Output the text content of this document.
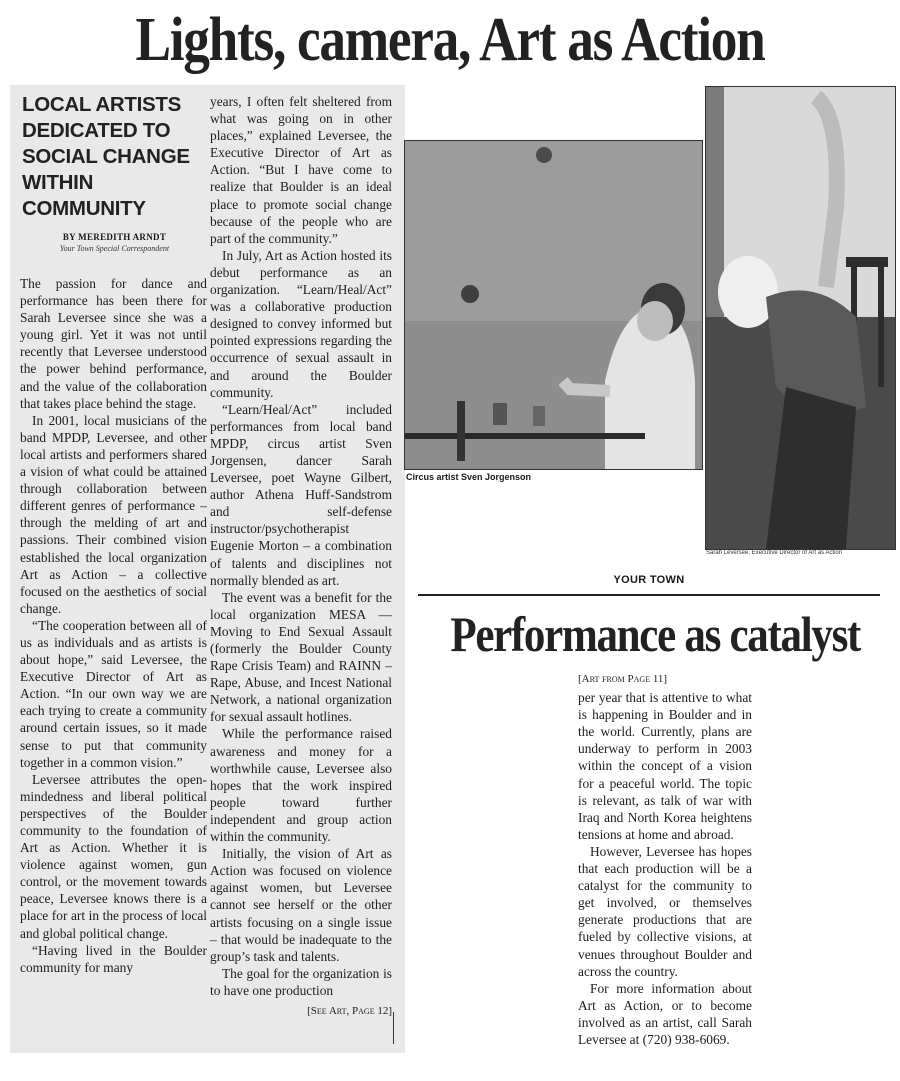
Lights, camera, Art as Action
LOCAL ARTISTS DEDICATED TO SOCIAL CHANGE WITHIN COMMUNITY
BY MEREDITH ARNDT
Your Town Special Correspondent

The passion for dance and performance has been there for Sarah Leversee since she was a young girl. Yet it was not until recently that Leversee understood the power behind performance, and the value of the collaboration that takes place behind the stage.

In 2001, local musicians of the band MPDP, Leversee, and other local artists and performers shared a vision of what could be attained through collaboration between different genres of performance – through the melding of art and passions. Their combined vision established the local organization Art as Action – a collective focused on the aesthetics of social change.

“The cooperation between all of us as individuals and as artists is about hope,” said Leversee, the Executive Director of Art as Action. “In our own way we are each trying to create a community around certain issues, so it made sense to put that community together in a common vision.”

Leversee attributes the open-mindedness and liberal political perspectives of the Boulder community to the foundation of Art as Action. Whether it is violence against women, gun control, or the movement towards peace, Leversee knows there is a place for art in the process of local and global political change.

“Having lived in the Boulder community for many

years, I often felt sheltered from what was going on in other places,” explained Leversee, the Executive Director of Art as Action. “But I have come to realize that Boulder is an ideal place to promote social change because of the people who are part of the community.”

In July, Art as Action hosted its debut performance as an organization. “Learn/Heal/Act” was a collaborative production designed to convey informed but pointed expressions regarding the occurrence of sexual assault in and around the Boulder community.

“Learn/Heal/Act” included performances from local band MPDP, circus artist Sven Jorgensen, dancer Sarah Leversee, poet Wayne Gilbert, author Athena Huff-Sandstrom and self-defense instructor/psychotherapist Eugenie Morton – a combination of talents and disciplines not normally blended as art.

The event was a benefit for the local organization MESA — Moving to End Sexual Assault (formerly the Boulder County Rape Crisis Team) and RAINN – Rape, Abuse, and Incest National Network, a national organization for sexual assault hotlines.

While the performance raised awareness and money for a worthwhile cause, Leversee also hopes that the work inspired people toward further independent and group action within the community.

Initially, the vision of Art as Action was focused on violence against women, but Leversee cannot see herself or the other artists focusing on a single issue – that would be inadequate to the group’s task and talents.

The goal for the organization is to have one production

[See Art, Page 12]
Circus artist Sven Jorgenson
Sarah Leversee, Executive Director of Art as Action
YOUR TOWN
Performance as catalyst
[Art from Page 11]

per year that is attentive to what is happening in Boulder and in the world. Currently, plans are underway to perform in 2003 within the concept of a vision for a peaceful world. The topic is relevant, as talk of war with Iraq and North Korea heightens tensions at home and abroad.

However, Leversee has hopes that each production will be a catalyst for the community to get involved, or themselves generate productions that are fueled by collective visions, at venues throughout Boulder and across the country.

For more information about Art as Action, or to become involved as an artist, call Sarah Leversee at (720) 938-6069.
